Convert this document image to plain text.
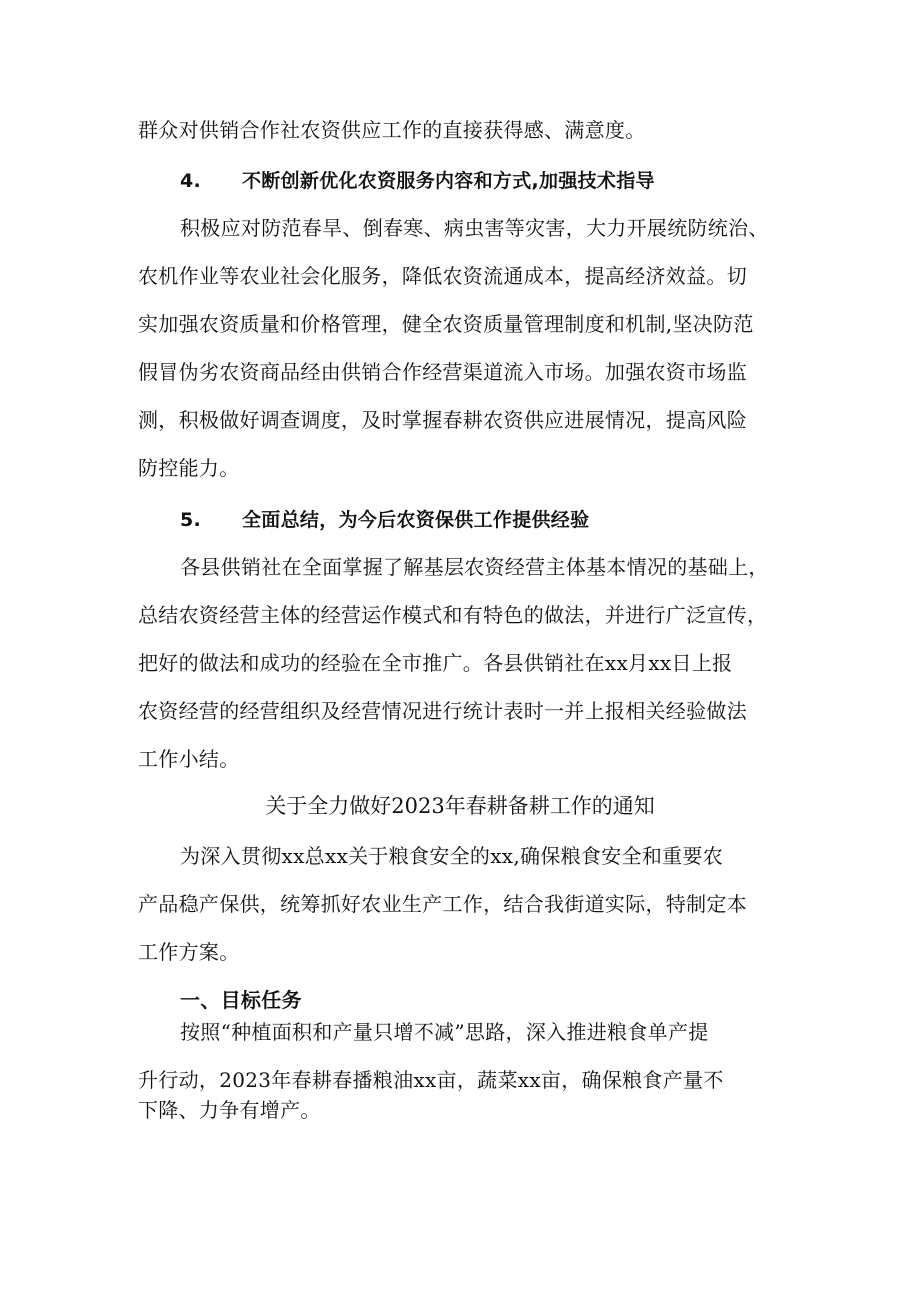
群众对供销合作社农资供应工作的直接获得感、满意度。
4. 不断创新优化农资服务内容和方式,加强技术指导
积极应对防范春旱、倒春寒、病虫害等灾害，大力开展统防统治、
农机作业等农业社会化服务，降低农资流通成本，提高经济效益。切
实加强农资质量和价格管理，健全农资质量管理制度和机制,坚决防范
假冒伪劣农资商品经由供销合作经营渠道流入市场。加强农资市场监
测，积极做好调查调度，及时掌握春耕农资供应进展情况，提高风险
防控能力。
5. 全面总结，为今后农资保供工作提供经验
各县供销社在全面掌握了解基层农资经营主体基本情况的基础上，
总结农资经营主体的经营运作模式和有特色的做法，并进行广泛宣传，
把好的做法和成功的经验在全市推广。各县供销社在xx月xx日上报
农资经营的经营组织及经营情况进行统计表时一并上报相关经验做法
工作小结。
关于全力做好2023年春耕备耕工作的通知
为深入贯彻xx总xx关于粮食安全的xx,确保粮食安全和重要农
产品稳产保供，统筹抓好农业生产工作，结合我街道实际，特制定本
工作方案。
一、目标任务
按照“种植面积和产量只增不减”思路，深入推进粮食单产提
升行动，2023年春耕春播粮油xx亩，蔬菜xx亩，确保粮食产量不
下降、力争有增产。
